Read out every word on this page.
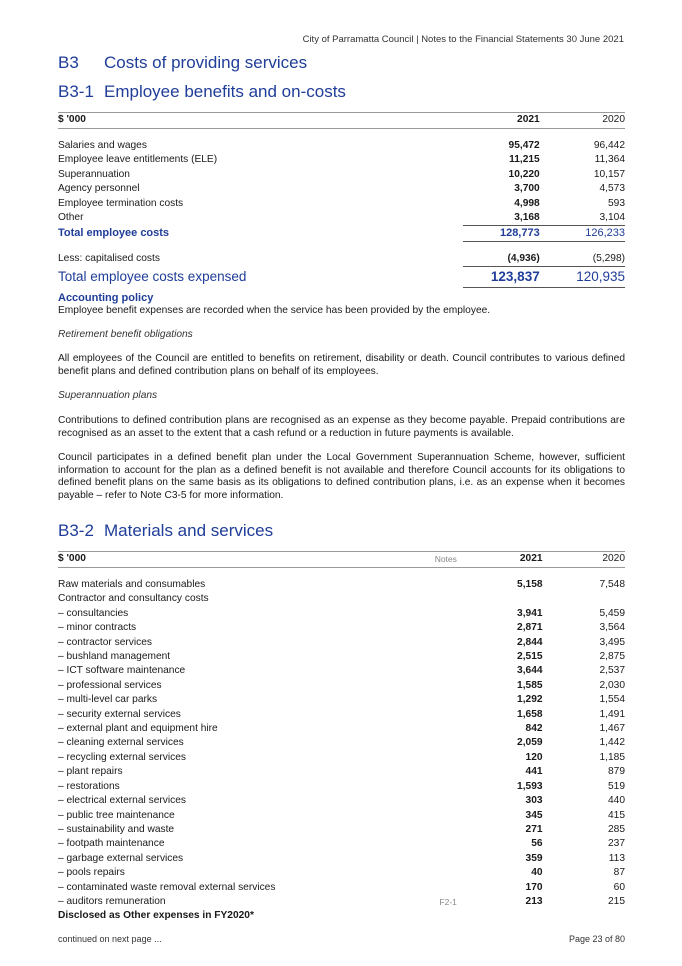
City of Parramatta Council | Notes to the Financial Statements 30 June 2021
B3 Costs of providing services
B3-1 Employee benefits and on-costs
$ '000		2021	2020

Salaries and wages		95,472	96,442
Employee leave entitlements (ELE)		11,215	11,364
Superannuation		10,220	10,157
Agency personnel		3,700	4,573
Employee termination costs		4,998	593
Other		3,168	3,104
Total employee costs		128,773	126,233

Less: capitalised costs		(4,936)	(5,298)
Total employee costs expensed		123,837	120,935
Accounting policy
Employee benefit expenses are recorded when the service has been provided by the employee.
Retirement benefit obligations
All employees of the Council are entitled to benefits on retirement, disability or death. Council contributes to various defined benefit plans and defined contribution plans on behalf of its employees.
Superannuation plans
Contributions to defined contribution plans are recognised as an expense as they become payable. Prepaid contributions are recognised as an asset to the extent that a cash refund or a reduction in future payments is available.
Council participates in a defined benefit plan under the Local Government Superannuation Scheme, however, sufficient information to account for the plan as a defined benefit is not available and therefore Council accounts for its obligations to defined benefit plans on the same basis as its obligations to defined contribution plans, i.e. as an expense when it becomes payable – refer to Note C3-5 for more information.
B3-2 Materials and services
$ '000	Notes	2021	2020

Raw materials and consumables		5,158	7,548
Contractor and consultancy costs			
– consultancies		3,941	5,459
– minor contracts		2,871	3,564
– contractor services		2,844	3,495
– bushland management		2,515	2,875
– ICT software maintenance		3,644	2,537
– professional services		1,585	2,030
– multi-level car parks		1,292	1,554
– security external services		1,658	1,491
– external plant and equipment hire		842	1,467
– cleaning external services		2,059	1,442
– recycling external services		120	1,185
– plant repairs		441	879
– restorations		1,593	519
– electrical external services		303	440
– public tree maintenance		345	415
– sustainability and waste		271	285
– footpath maintenance		56	237
– garbage external services		359	113
– pools repairs		40	87
– contaminated waste removal external services		170	60
– auditors remuneration	F2-1	213	215
Disclosed as Other expenses in FY2020*			
continued on next page ...	Page 23 of 80
